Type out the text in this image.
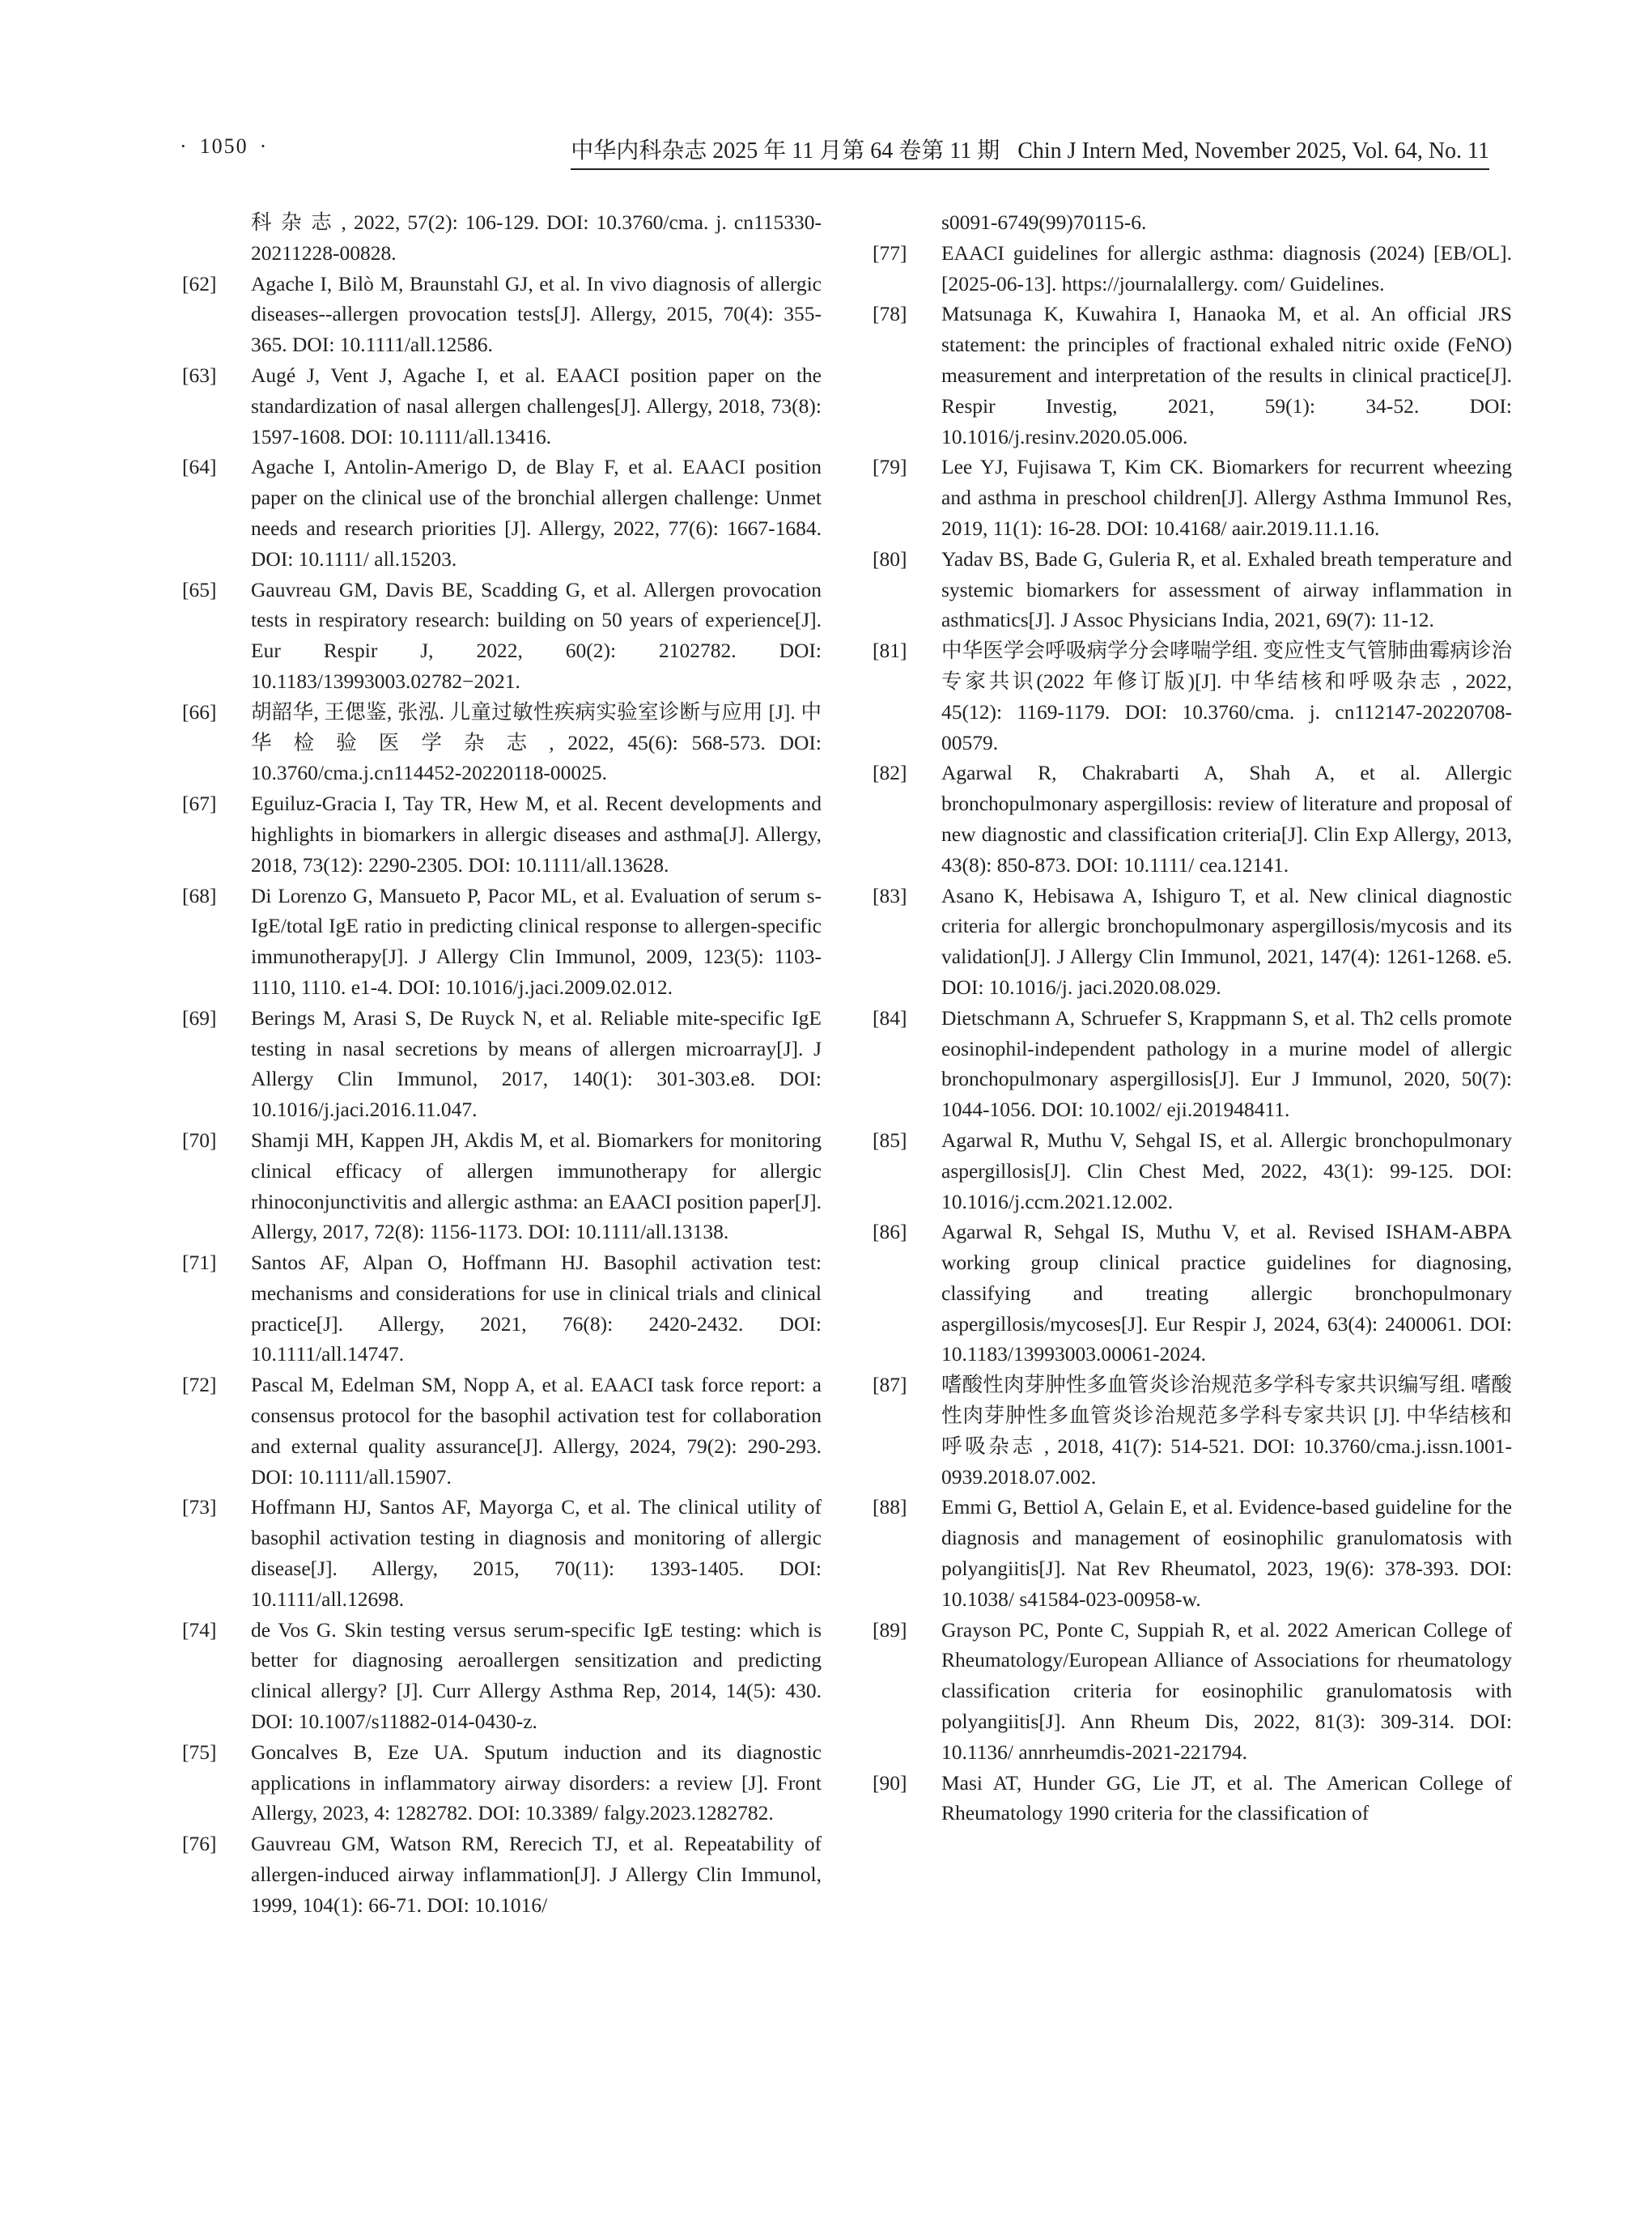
· 1050 ·	中华内科杂志 2025 年 11 月第 64 卷第 11 期 Chin J Intern Med, November 2025, Vol. 64, No. 11
科 杂 志 , 2022, 57(2): 106-129. DOI: 10.3760/cma. j. cn115330-20211228-00828.
[62] Agache I, Bilò M, Braunstahl GJ, et al. In vivo diagnosis of allergic diseases--allergen provocation tests[J]. Allergy, 2015, 70(4): 355-365. DOI: 10.1111/all.12586.
[63] Augé J, Vent J, Agache I, et al. EAACI position paper on the standardization of nasal allergen challenges[J]. Allergy, 2018, 73(8): 1597-1608. DOI: 10.1111/all.13416.
[64] Agache I, Antolin-Amerigo D, de Blay F, et al. EAACI position paper on the clinical use of the bronchial allergen challenge: Unmet needs and research priorities [J]. Allergy, 2022, 77(6): 1667-1684. DOI: 10.1111/ all.15203.
[65] Gauvreau GM, Davis BE, Scadding G, et al. Allergen provocation tests in respiratory research: building on 50 years of experience[J]. Eur Respir J, 2022, 60(2): 2102782. DOI: 10.1183/13993003.02782−2021.
[66] 胡韶华, 王偲鉴, 张泓. 儿童过敏性疾病实验室诊断与应用 [J]. 中 华 检 验 医 学 杂 志 , 2022, 45(6): 568-573. DOI: 10.3760/cma.j.cn114452-20220118-00025.
[67] Eguiluz-Gracia I, Tay TR, Hew M, et al. Recent developments and highlights in biomarkers in allergic diseases and asthma[J]. Allergy, 2018, 73(12): 2290-2305. DOI: 10.1111/all.13628.
[68] Di Lorenzo G, Mansueto P, Pacor ML, et al. Evaluation of serum s-IgE/total IgE ratio in predicting clinical response to allergen-specific immunotherapy[J]. J Allergy Clin Immunol, 2009, 123(5): 1103-1110, 1110. e1-4. DOI: 10.1016/j.jaci.2009.02.012.
[69] Berings M, Arasi S, De Ruyck N, et al. Reliable mite-specific IgE testing in nasal secretions by means of allergen microarray[J]. J Allergy Clin Immunol, 2017, 140(1): 301-303.e8. DOI: 10.1016/j.jaci.2016.11.047.
[70] Shamji MH, Kappen JH, Akdis M, et al. Biomarkers for monitoring clinical efficacy of allergen immunotherapy for allergic rhinoconjunctivitis and allergic asthma: an EAACI position paper[J]. Allergy, 2017, 72(8): 1156-1173. DOI: 10.1111/all.13138.
[71] Santos AF, Alpan O, Hoffmann HJ. Basophil activation test: mechanisms and considerations for use in clinical trials and clinical practice[J]. Allergy, 2021, 76(8): 2420-2432. DOI: 10.1111/all.14747.
[72] Pascal M, Edelman SM, Nopp A, et al. EAACI task force report: a consensus protocol for the basophil activation test for collaboration and external quality assurance[J]. Allergy, 2024, 79(2): 290-293. DOI: 10.1111/all.15907.
[73] Hoffmann HJ, Santos AF, Mayorga C, et al. The clinical utility of basophil activation testing in diagnosis and monitoring of allergic disease[J]. Allergy, 2015, 70(11): 1393-1405. DOI: 10.1111/all.12698.
[74] de Vos G. Skin testing versus serum-specific IgE testing: which is better for diagnosing aeroallergen sensitization and predicting clinical allergy? [J]. Curr Allergy Asthma Rep, 2014, 14(5): 430. DOI: 10.1007/s11882-014-0430-z.
[75] Goncalves B, Eze UA. Sputum induction and its diagnostic applications in inflammatory airway disorders: a review [J]. Front Allergy, 2023, 4: 1282782. DOI: 10.3389/ falgy.2023.1282782.
[76] Gauvreau GM, Watson RM, Rerecich TJ, et al. Repeatability of allergen-induced airway inflammation[J]. J Allergy Clin Immunol, 1999, 104(1): 66-71. DOI: 10.1016/
s0091-6749(99)70115-6.
[77] EAACI guidelines for allergic asthma: diagnosis (2024) [EB/OL]. [2025-06-13]. https://journalallergy. com/ Guidelines.
[78] Matsunaga K, Kuwahira I, Hanaoka M, et al. An official JRS statement: the principles of fractional exhaled nitric oxide (FeNO) measurement and interpretation of the results in clinical practice[J]. Respir Investig, 2021, 59(1): 34-52. DOI: 10.1016/j.resinv.2020.05.006.
[79] Lee YJ, Fujisawa T, Kim CK. Biomarkers for recurrent wheezing and asthma in preschool children[J]. Allergy Asthma Immunol Res, 2019, 11(1): 16-28. DOI: 10.4168/ aair.2019.11.1.16.
[80] Yadav BS, Bade G, Guleria R, et al. Exhaled breath temperature and systemic biomarkers for assessment of airway inflammation in asthmatics[J]. J Assoc Physicians India, 2021, 69(7): 11-12.
[81] 中华医学会呼吸病学分会哮喘学组. 变应性支气管肺曲霉病诊治专家共识(2022 年修订版)[J]. 中华结核和呼吸杂志 , 2022, 45(12): 1169-1179. DOI: 10.3760/cma. j. cn112147-20220708-00579.
[82] Agarwal R, Chakrabarti A, Shah A, et al. Allergic bronchopulmonary aspergillosis: review of literature and proposal of new diagnostic and classification criteria[J]. Clin Exp Allergy, 2013, 43(8): 850-873. DOI: 10.1111/ cea.12141.
[83] Asano K, Hebisawa A, Ishiguro T, et al. New clinical diagnostic criteria for allergic bronchopulmonary aspergillosis/mycosis and its validation[J]. J Allergy Clin Immunol, 2021, 147(4): 1261-1268. e5. DOI: 10.1016/j. jaci.2020.08.029.
[84] Dietschmann A, Schruefer S, Krappmann S, et al. Th2 cells promote eosinophil-independent pathology in a murine model of allergic bronchopulmonary aspergillosis[J]. Eur J Immunol, 2020, 50(7): 1044-1056. DOI: 10.1002/ eji.201948411.
[85] Agarwal R, Muthu V, Sehgal IS, et al. Allergic bronchopulmonary aspergillosis[J]. Clin Chest Med, 2022, 43(1): 99-125. DOI: 10.1016/j.ccm.2021.12.002.
[86] Agarwal R, Sehgal IS, Muthu V, et al. Revised ISHAM-ABPA working group clinical practice guidelines for diagnosing, classifying and treating allergic bronchopulmonary aspergillosis/mycoses[J]. Eur Respir J, 2024, 63(4): 2400061. DOI: 10.1183/13993003.00061-2024.
[87] 嗜酸性肉芽肿性多血管炎诊治规范多学科专家共识编写组. 嗜酸性肉芽肿性多血管炎诊治规范多学科专家共识 [J]. 中华结核和呼吸杂志 , 2018, 41(7): 514-521. DOI: 10.3760/cma.j.issn.1001-0939.2018.07.002.
[88] Emmi G, Bettiol A, Gelain E, et al. Evidence-based guideline for the diagnosis and management of eosinophilic granulomatosis with polyangiitis[J]. Nat Rev Rheumatol, 2023, 19(6): 378-393. DOI: 10.1038/ s41584-023-00958-w.
[89] Grayson PC, Ponte C, Suppiah R, et al. 2022 American College of Rheumatology/European Alliance of Associations for rheumatology classification criteria for eosinophilic granulomatosis with polyangiitis[J]. Ann Rheum Dis, 2022, 81(3): 309-314. DOI: 10.1136/ annrheumdis-2021-221794.
[90] Masi AT, Hunder GG, Lie JT, et al. The American College of Rheumatology 1990 criteria for the classification of
